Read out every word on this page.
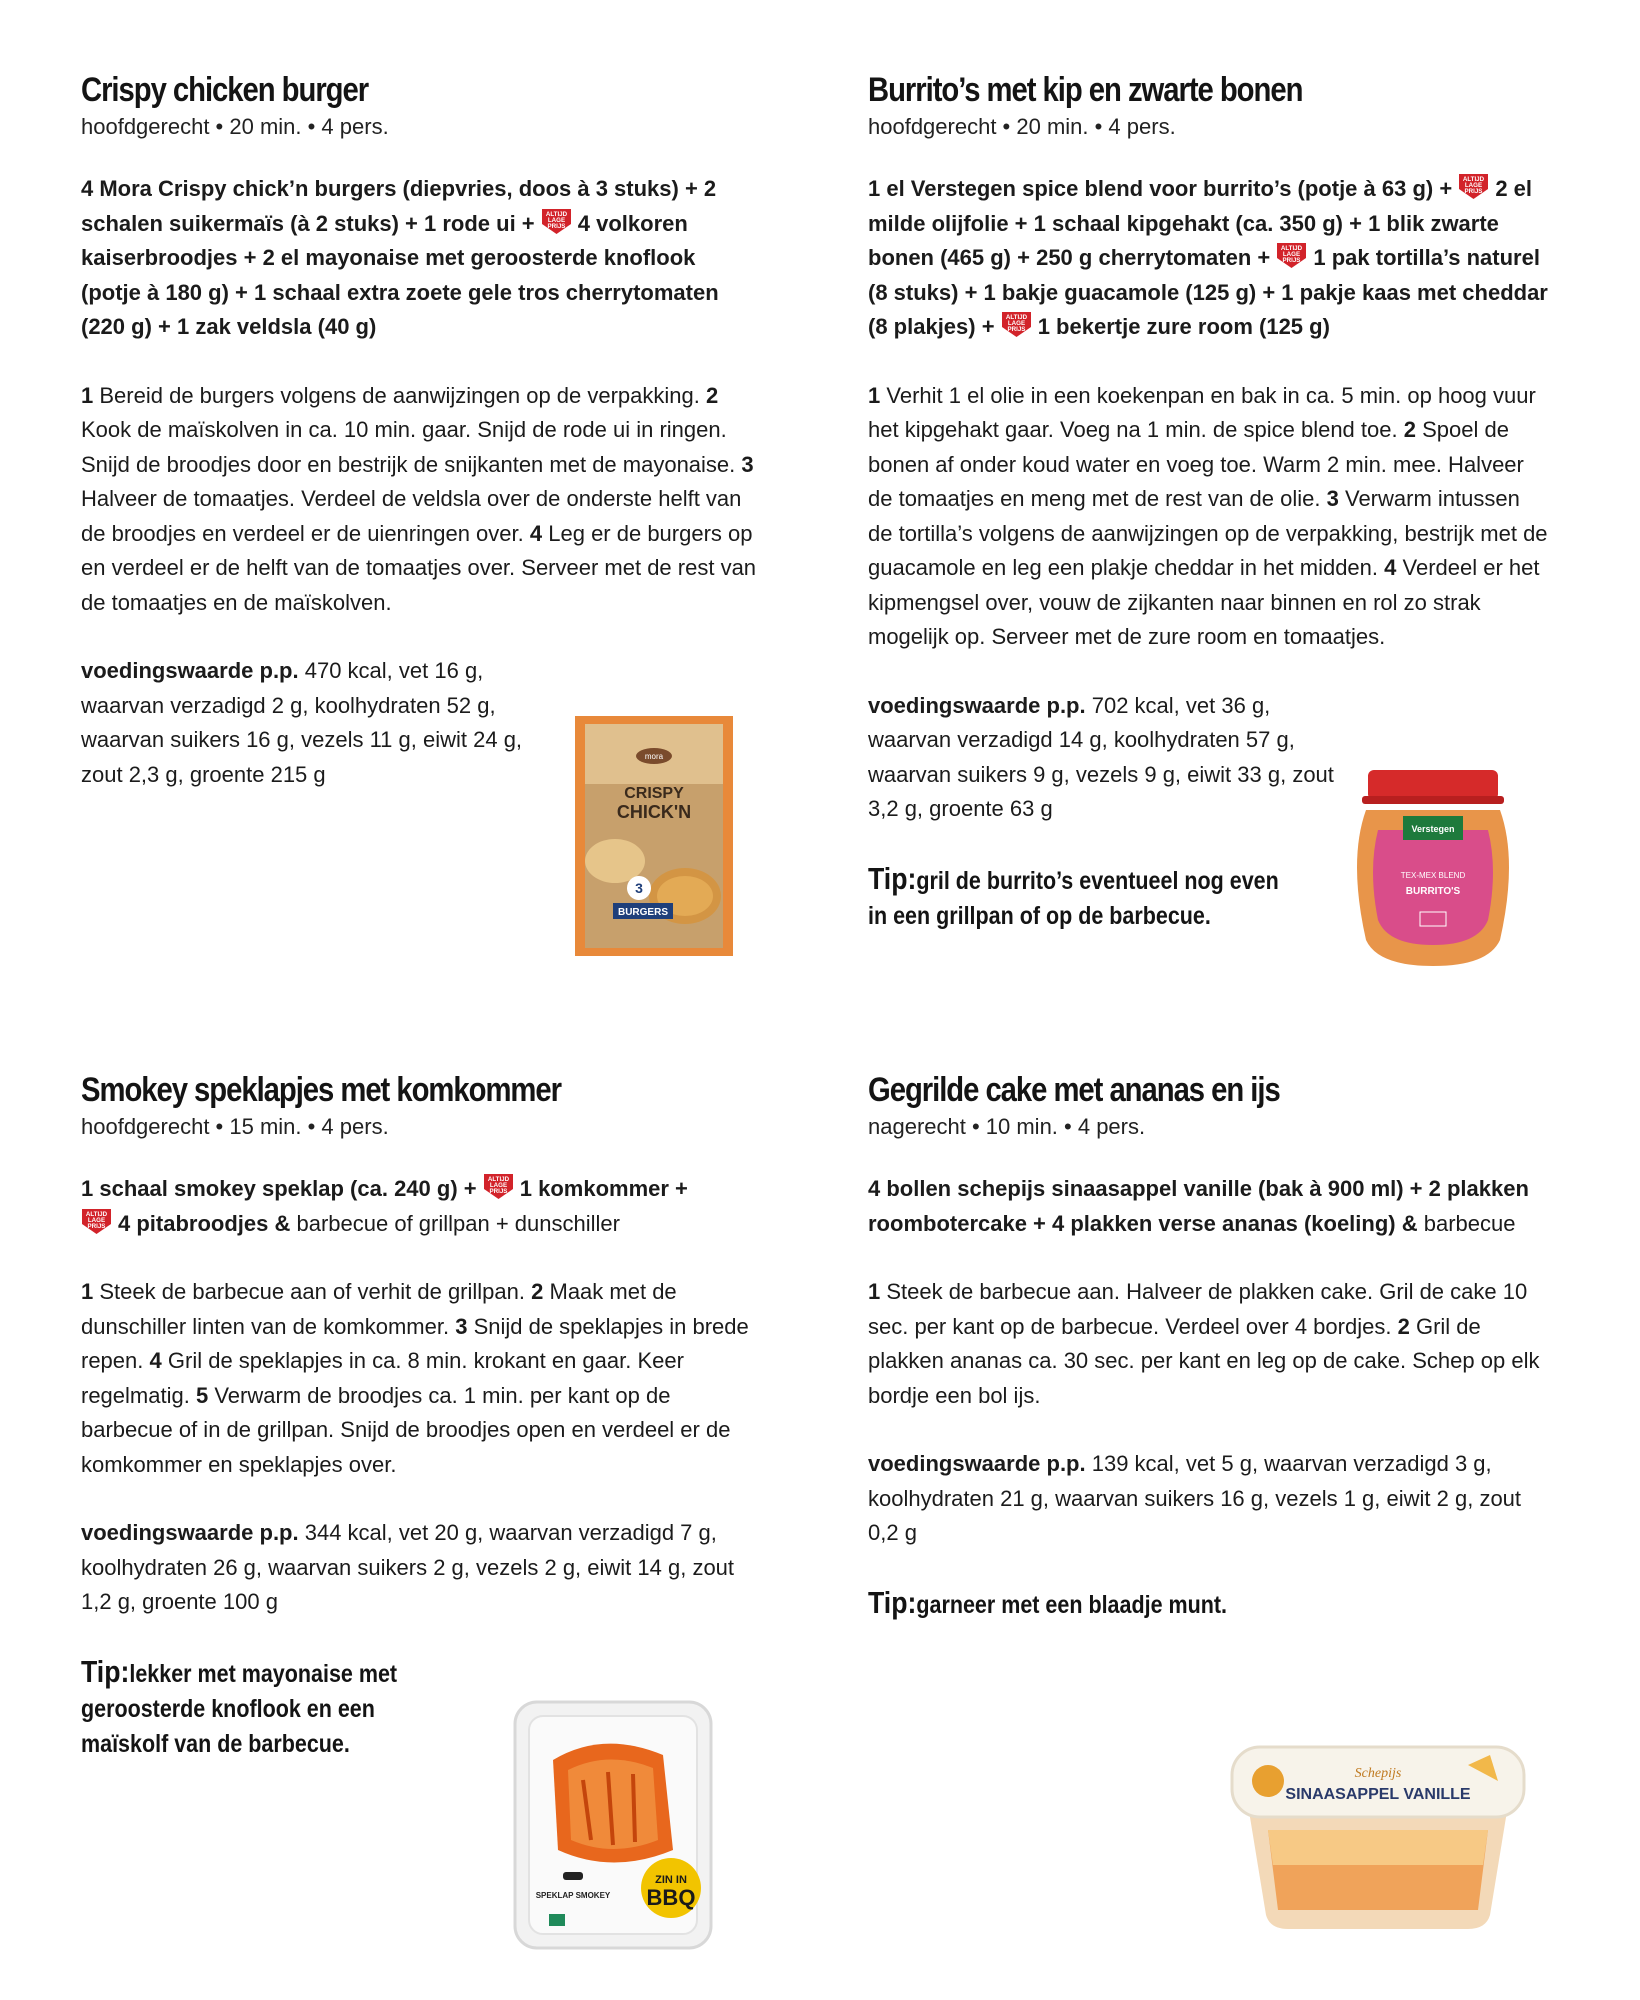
Crispy chicken burger

hoofdgerecht • 20 min. • 4 pers.

4 Mora Crispy chick’n burgers (diepvries, doos à 3 stuks) + 2 schalen suikermaïs (à 2 stuks) + 1 rode ui + 4 volkoren kaiserbroodjes + 2 el mayonaise met geroosterde knoflook (potje à 180 g) + 1 schaal extra zoete gele tros cherrytomaten (220 g) + 1 zak veldsla (40 g)

1 Bereid de burgers volgens de aanwijzingen op de verpakking. 2 Kook de maïskolven in ca. 10 min. gaar. Snijd de rode ui in ringen. Snijd de broodjes door en bestrijk de snijkanten met de mayonaise. 3 Halveer de tomaatjes. Verdeel de veldsla over de onderste helft van de broodjes en verdeel er de uienringen over. 4 Leg er de burgers op en verdeel er de helft van de tomaatjes over. Serveer met de rest van de tomaatjes en de maïskolven.

voedingswaarde p.p. 470 kcal, vet 16 g, waarvan verzadigd 2 g, koolhydraten 52 g, waarvan suikers 16 g, vezels 11 g, eiwit 24 g, zout 2,3 g, groente 215 g

mora
CRISPY
CHICK'N
3
BURGERS
Burrito’s met kip en zwarte bonen

hoofdgerecht • 20 min. • 4 pers.

1 el Verstegen spice blend voor burrito’s (potje à 63 g) + 2 el milde olijfolie + 1 schaal kipgehakt (ca. 350 g) + 1 blik zwarte bonen (465 g) + 250 g cherrytomaten + 1 pak tortilla’s naturel (8 stuks) + 1 bakje guacamole (125 g) + 1 pakje kaas met cheddar (8 plakjes) + 1 bekertje zure room (125 g)

1 Verhit 1 el olie in een koekenpan en bak in ca. 5 min. op hoog vuur het kipgehakt gaar. Voeg na 1 min. de spice blend toe. 2 Spoel de bonen af onder koud water en voeg toe. Warm 2 min. mee. Halveer de tomaatjes en meng met de rest van de olie. 3 Verwarm intussen de tortilla’s volgens de aanwijzingen op de verpakking, bestrijk met de guacamole en leg een plakje cheddar in het midden. 4 Verdeel er het kipmengsel over, vouw de zijkanten naar binnen en rol zo strak mogelijk op. Serveer met de zure room en tomaatjes.

voedingswaarde p.p. 702 kcal, vet 36 g, waarvan verzadigd 14 g, koolhydraten 57 g, waarvan suikers 9 g, vezels 9 g, eiwit 33 g, zout 3,2 g, groente 63 g

Tip:gril de burrito’s eventueel nog even in een grillpan of op de barbecue.

Verstegen
TEX-MEX BLEND
BURRITO'S
Smokey speklapjes met komkommer

hoofdgerecht • 15 min. • 4 pers.

1 schaal smokey speklap (ca. 240 g) + 1 komkommer +

4 pitabroodjes & barbecue of grillpan + dunschiller

1 Steek de barbecue aan of verhit de grillpan. 2 Maak met de dunschiller linten van de komkommer. 3 Snijd de speklapjes in brede repen. 4 Gril de speklapjes in ca. 8 min. krokant en gaar. Keer regelmatig. 5 Verwarm de broodjes ca. 1 min. per kant op de barbecue of in de grillpan. Snijd de broodjes open en verdeel er de komkommer en speklapjes over.

voedingswaarde p.p. 344 kcal, vet 20 g, waarvan verzadigd 7 g, koolhydraten 26 g, waarvan suikers 2 g, vezels 2 g, eiwit 14 g, zout 1,2 g, groente 100 g

Tip:lekker met mayonaise met geroosterde knoflook en een maïskolf van de barbecue.

SPEKLAP SMOKEY
ZIN IN
BBQ
Gegrilde cake met ananas en ijs

nagerecht • 10 min. • 4 pers.

4 bollen schepijs sinaasappel vanille (bak à 900 ml) + 2 plakken roombotercake + 4 plakken verse ananas (koeling) & barbecue

1 Steek de barbecue aan. Halveer de plakken cake. Gril de cake 10 sec. per kant op de barbecue. Verdeel over 4 bordjes. 2 Gril de plakken ananas ca. 30 sec. per kant en leg op de cake. Schep op elk bordje een bol ijs.

voedingswaarde p.p. 139 kcal, vet 5 g, waarvan verzadigd 3 g, koolhydraten 21 g, waarvan suikers 16 g, vezels 1 g, eiwit 2 g, zout 0,2 g

Tip:garneer met een blaadje munt.

Schepijs
SINAASAPPEL VANILLE
